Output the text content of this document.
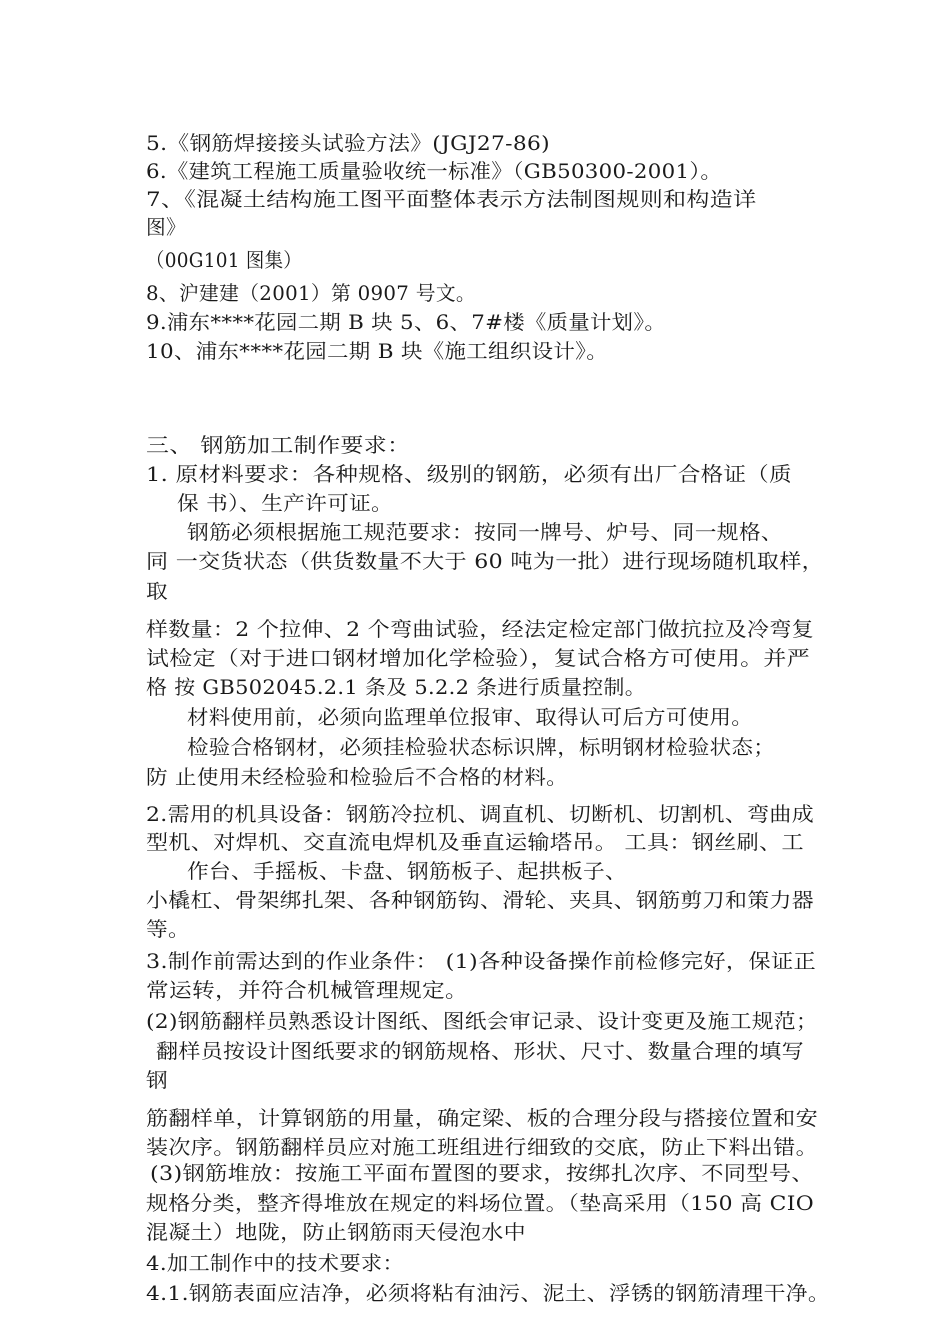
5.《钢筋焊接接头试验方法》(JGJ27-86)
6.《建筑工程施工质量验收统一标准》（GB50300-2001）。
7、《混凝土结构施工图平面整体表示方法制图规则和构造详
图》
（00G101 图集）
8、沪建建（2001）第 0907 号文。
9.浦东****花园二期 B 块 5、6、7#楼《质量计划》。
10、浦东****花园二期 B 块《施工组织设计》。
三、 钢筋加工制作要求：
1. 原材料要求：各种规格、级别的钢筋，必须有出厂合格证（质
保 书）、生产许可证。
钢筋必须根据施工规范要求：按同一牌号、炉号、同一规格、
同 一交货状态（供货数量不大于 60 吨为一批）进行现场随机取样，
取
样数量：2 个拉伸、2 个弯曲试验，经法定检定部门做抗拉及冷弯复
试检定（对于进口钢材增加化学检验），复试合格方可使用。并严
格 按 GB502045.2.1 条及 5.2.2 条进行质量控制。
材料使用前，必须向监理单位报审、取得认可后方可使用。
检验合格钢材，必须挂检验状态标识牌，标明钢材检验状态；
防 止使用未经检验和检验后不合格的材料。
2.需用的机具设备：钢筋冷拉机、调直机、切断机、切割机、弯曲成
型机、对焊机、交直流电焊机及垂直运输塔吊。 工具：钢丝刷、工
作台、手摇板、卡盘、钢筋板子、起拱板子、
小橇杠、骨架绑扎架、各种钢筋钩、滑轮、夹具、钢筋剪刀和策力器
等。
3.制作前需达到的作业条件： (1)各种设备操作前检修完好，保证正
常运转，并符合机械管理规定。
(2)钢筋翻样员熟悉设计图纸、图纸会审记录、设计变更及施工规范；
翻样员按设计图纸要求的钢筋规格、形状、尺寸、数量合理的填写
钢
筋翻样单，计算钢筋的用量，确定梁、板的合理分段与搭接位置和安
装次序。钢筋翻样员应对施工班组进行细致的交底，防止下料出错。
(3)钢筋堆放：按施工平面布置图的要求，按绑扎次序、不同型号、
规格分类，整齐得堆放在规定的料场位置。（垫高采用（150 高 CIO
混凝土）地陇，防止钢筋雨天侵泡水中
4.加工制作中的技术要求：
4.1.钢筋表面应洁净，必须将粘有油污、泥土、浮锈的钢筋清理干净。
